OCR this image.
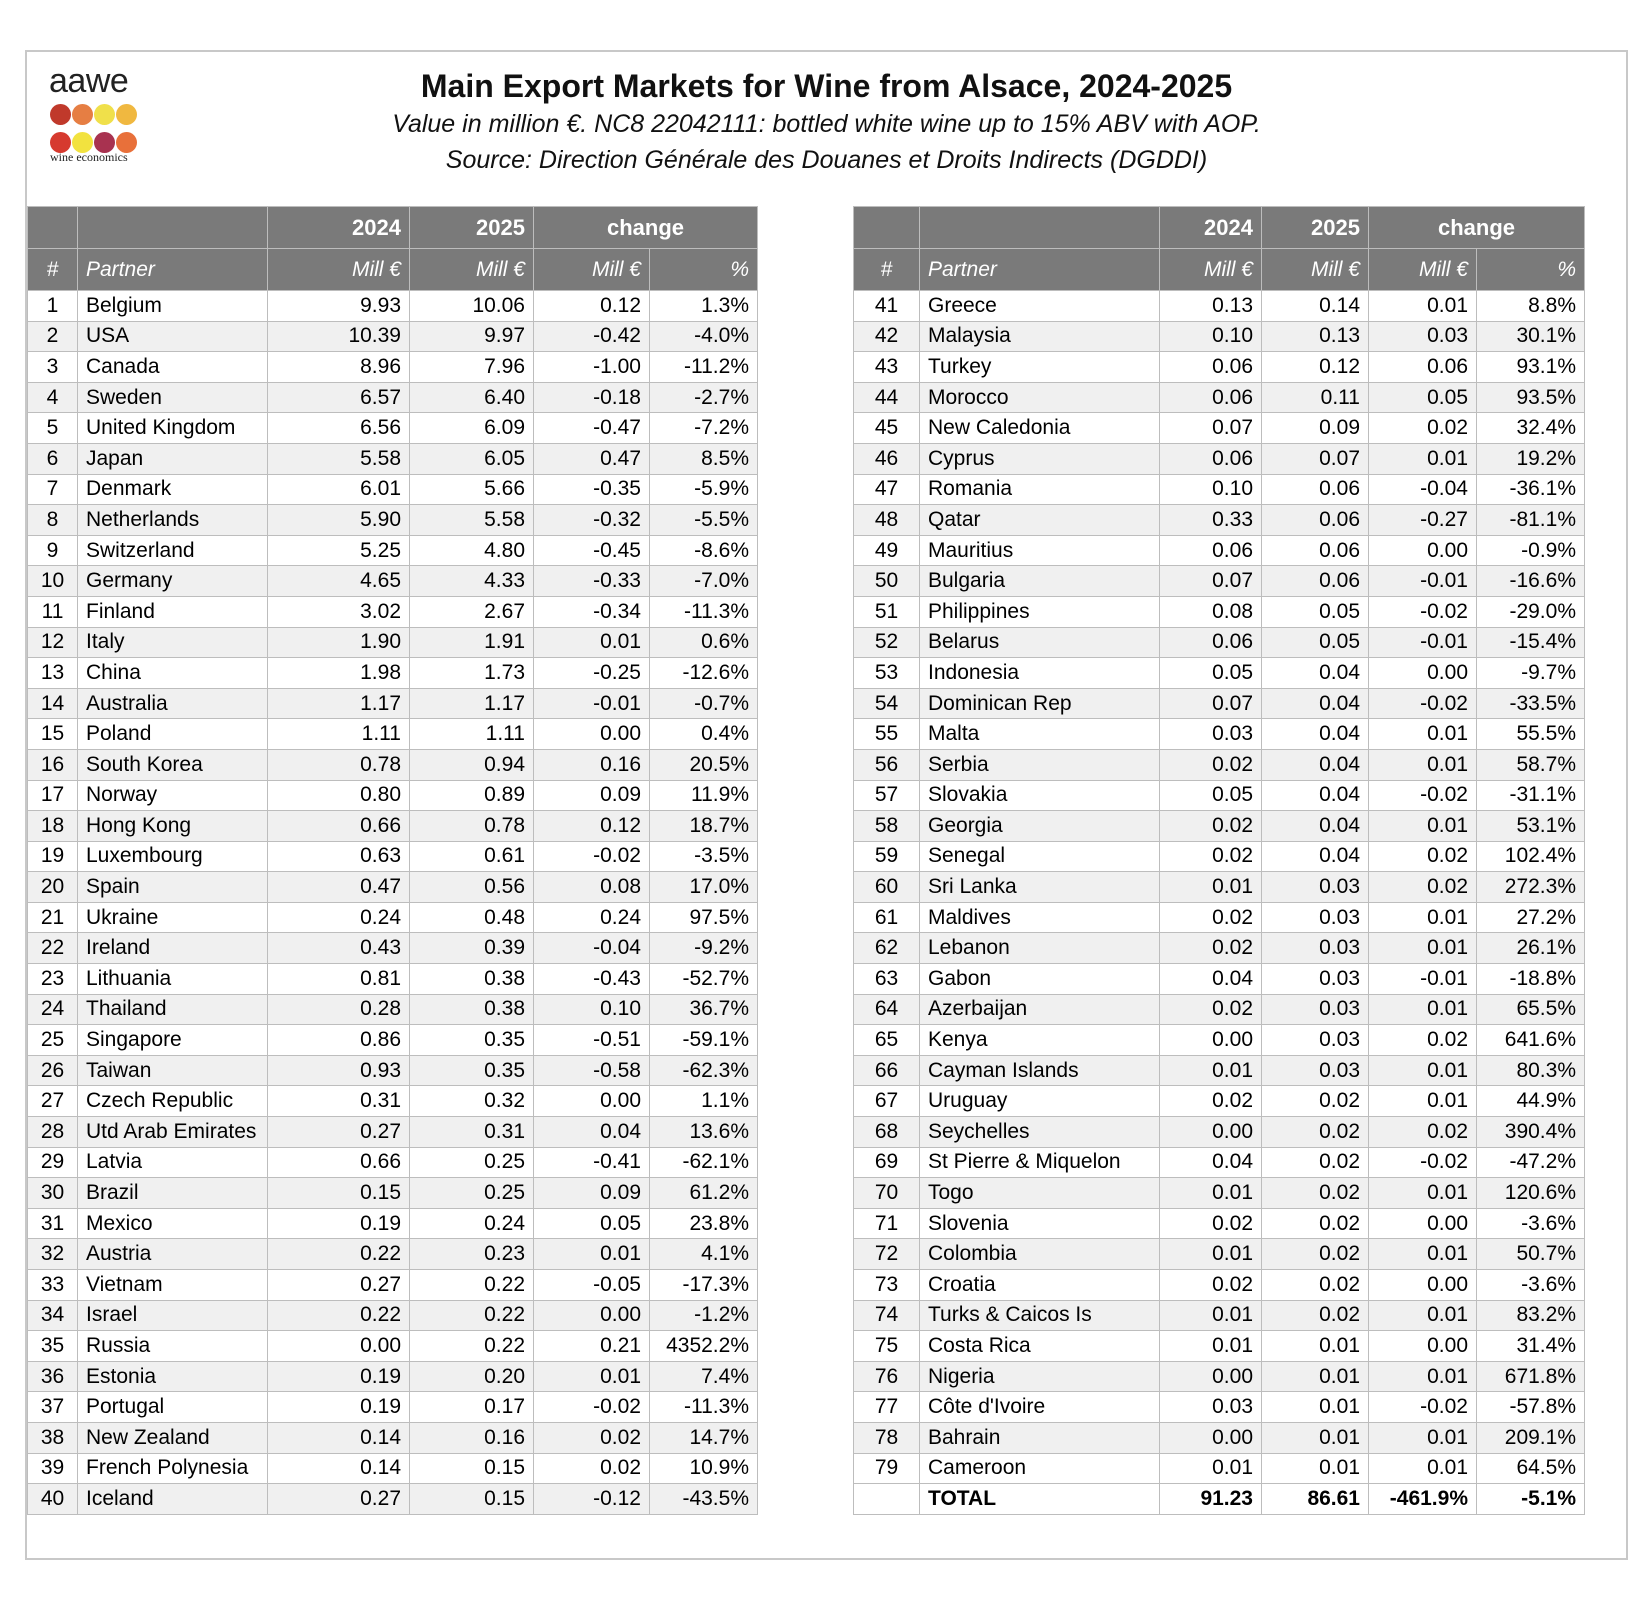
aawe

wine economics
Main Export Markets for Wine from Alsace, 2024-2025
Value in million €. NC8 22042111: bottled white wine up to 15% ABV with AOP.
Source: Direction Générale des Douanes et Droits Indirects (DGDDI)
		2024	2025	change	
#	Partner	Mill €	Mill €	Mill €	%
1	Belgium	9.93	10.06	0.12	1.3%
2	USA	10.39	9.97	-0.42	-4.0%
3	Canada	8.96	7.96	-1.00	-11.2%
4	Sweden	6.57	6.40	-0.18	-2.7%
5	United Kingdom	6.56	6.09	-0.47	-7.2%
6	Japan	5.58	6.05	0.47	8.5%
7	Denmark	6.01	5.66	-0.35	-5.9%
8	Netherlands	5.90	5.58	-0.32	-5.5%
9	Switzerland	5.25	4.80	-0.45	-8.6%
10	Germany	4.65	4.33	-0.33	-7.0%
11	Finland	3.02	2.67	-0.34	-11.3%
12	Italy	1.90	1.91	0.01	0.6%
13	China	1.98	1.73	-0.25	-12.6%
14	Australia	1.17	1.17	-0.01	-0.7%
15	Poland	1.11	1.11	0.00	0.4%
16	South Korea	0.78	0.94	0.16	20.5%
17	Norway	0.80	0.89	0.09	11.9%
18	Hong Kong	0.66	0.78	0.12	18.7%
19	Luxembourg	0.63	0.61	-0.02	-3.5%
20	Spain	0.47	0.56	0.08	17.0%
21	Ukraine	0.24	0.48	0.24	97.5%
22	Ireland	0.43	0.39	-0.04	-9.2%
23	Lithuania	0.81	0.38	-0.43	-52.7%
24	Thailand	0.28	0.38	0.10	36.7%
25	Singapore	0.86	0.35	-0.51	-59.1%
26	Taiwan	0.93	0.35	-0.58	-62.3%
27	Czech Republic	0.31	0.32	0.00	1.1%
28	Utd Arab Emirates	0.27	0.31	0.04	13.6%
29	Latvia	0.66	0.25	-0.41	-62.1%
30	Brazil	0.15	0.25	0.09	61.2%
31	Mexico	0.19	0.24	0.05	23.8%
32	Austria	0.22	0.23	0.01	4.1%
33	Vietnam	0.27	0.22	-0.05	-17.3%
34	Israel	0.22	0.22	0.00	-1.2%
35	Russia	0.00	0.22	0.21	4352.2%
36	Estonia	0.19	0.20	0.01	7.4%
37	Portugal	0.19	0.17	-0.02	-11.3%
38	New Zealand	0.14	0.16	0.02	14.7%
39	French Polynesia	0.14	0.15	0.02	10.9%
40	Iceland	0.27	0.15	-0.12	-43.5%
		2024	2025	change	
#	Partner	Mill €	Mill €	Mill €	%
41	Greece	0.13	0.14	0.01	8.8%
42	Malaysia	0.10	0.13	0.03	30.1%
43	Turkey	0.06	0.12	0.06	93.1%
44	Morocco	0.06	0.11	0.05	93.5%
45	New Caledonia	0.07	0.09	0.02	32.4%
46	Cyprus	0.06	0.07	0.01	19.2%
47	Romania	0.10	0.06	-0.04	-36.1%
48	Qatar	0.33	0.06	-0.27	-81.1%
49	Mauritius	0.06	0.06	0.00	-0.9%
50	Bulgaria	0.07	0.06	-0.01	-16.6%
51	Philippines	0.08	0.05	-0.02	-29.0%
52	Belarus	0.06	0.05	-0.01	-15.4%
53	Indonesia	0.05	0.04	0.00	-9.7%
54	Dominican Rep	0.07	0.04	-0.02	-33.5%
55	Malta	0.03	0.04	0.01	55.5%
56	Serbia	0.02	0.04	0.01	58.7%
57	Slovakia	0.05	0.04	-0.02	-31.1%
58	Georgia	0.02	0.04	0.01	53.1%
59	Senegal	0.02	0.04	0.02	102.4%
60	Sri Lanka	0.01	0.03	0.02	272.3%
61	Maldives	0.02	0.03	0.01	27.2%
62	Lebanon	0.02	0.03	0.01	26.1%
63	Gabon	0.04	0.03	-0.01	-18.8%
64	Azerbaijan	0.02	0.03	0.01	65.5%
65	Kenya	0.00	0.03	0.02	641.6%
66	Cayman Islands	0.01	0.03	0.01	80.3%
67	Uruguay	0.02	0.02	0.01	44.9%
68	Seychelles	0.00	0.02	0.02	390.4%
69	St Pierre & Miquelon	0.04	0.02	-0.02	-47.2%
70	Togo	0.01	0.02	0.01	120.6%
71	Slovenia	0.02	0.02	0.00	-3.6%
72	Colombia	0.01	0.02	0.01	50.7%
73	Croatia	0.02	0.02	0.00	-3.6%
74	Turks & Caicos Is	0.01	0.02	0.01	83.2%
75	Costa Rica	0.01	0.01	0.00	31.4%
76	Nigeria	0.00	0.01	0.01	671.8%
77	Côte d'Ivoire	0.03	0.01	-0.02	-57.8%
78	Bahrain	0.00	0.01	0.01	209.1%
79	Cameroon	0.01	0.01	0.01	64.5%
	TOTAL	91.23	86.61	-461.9%	-5.1%
